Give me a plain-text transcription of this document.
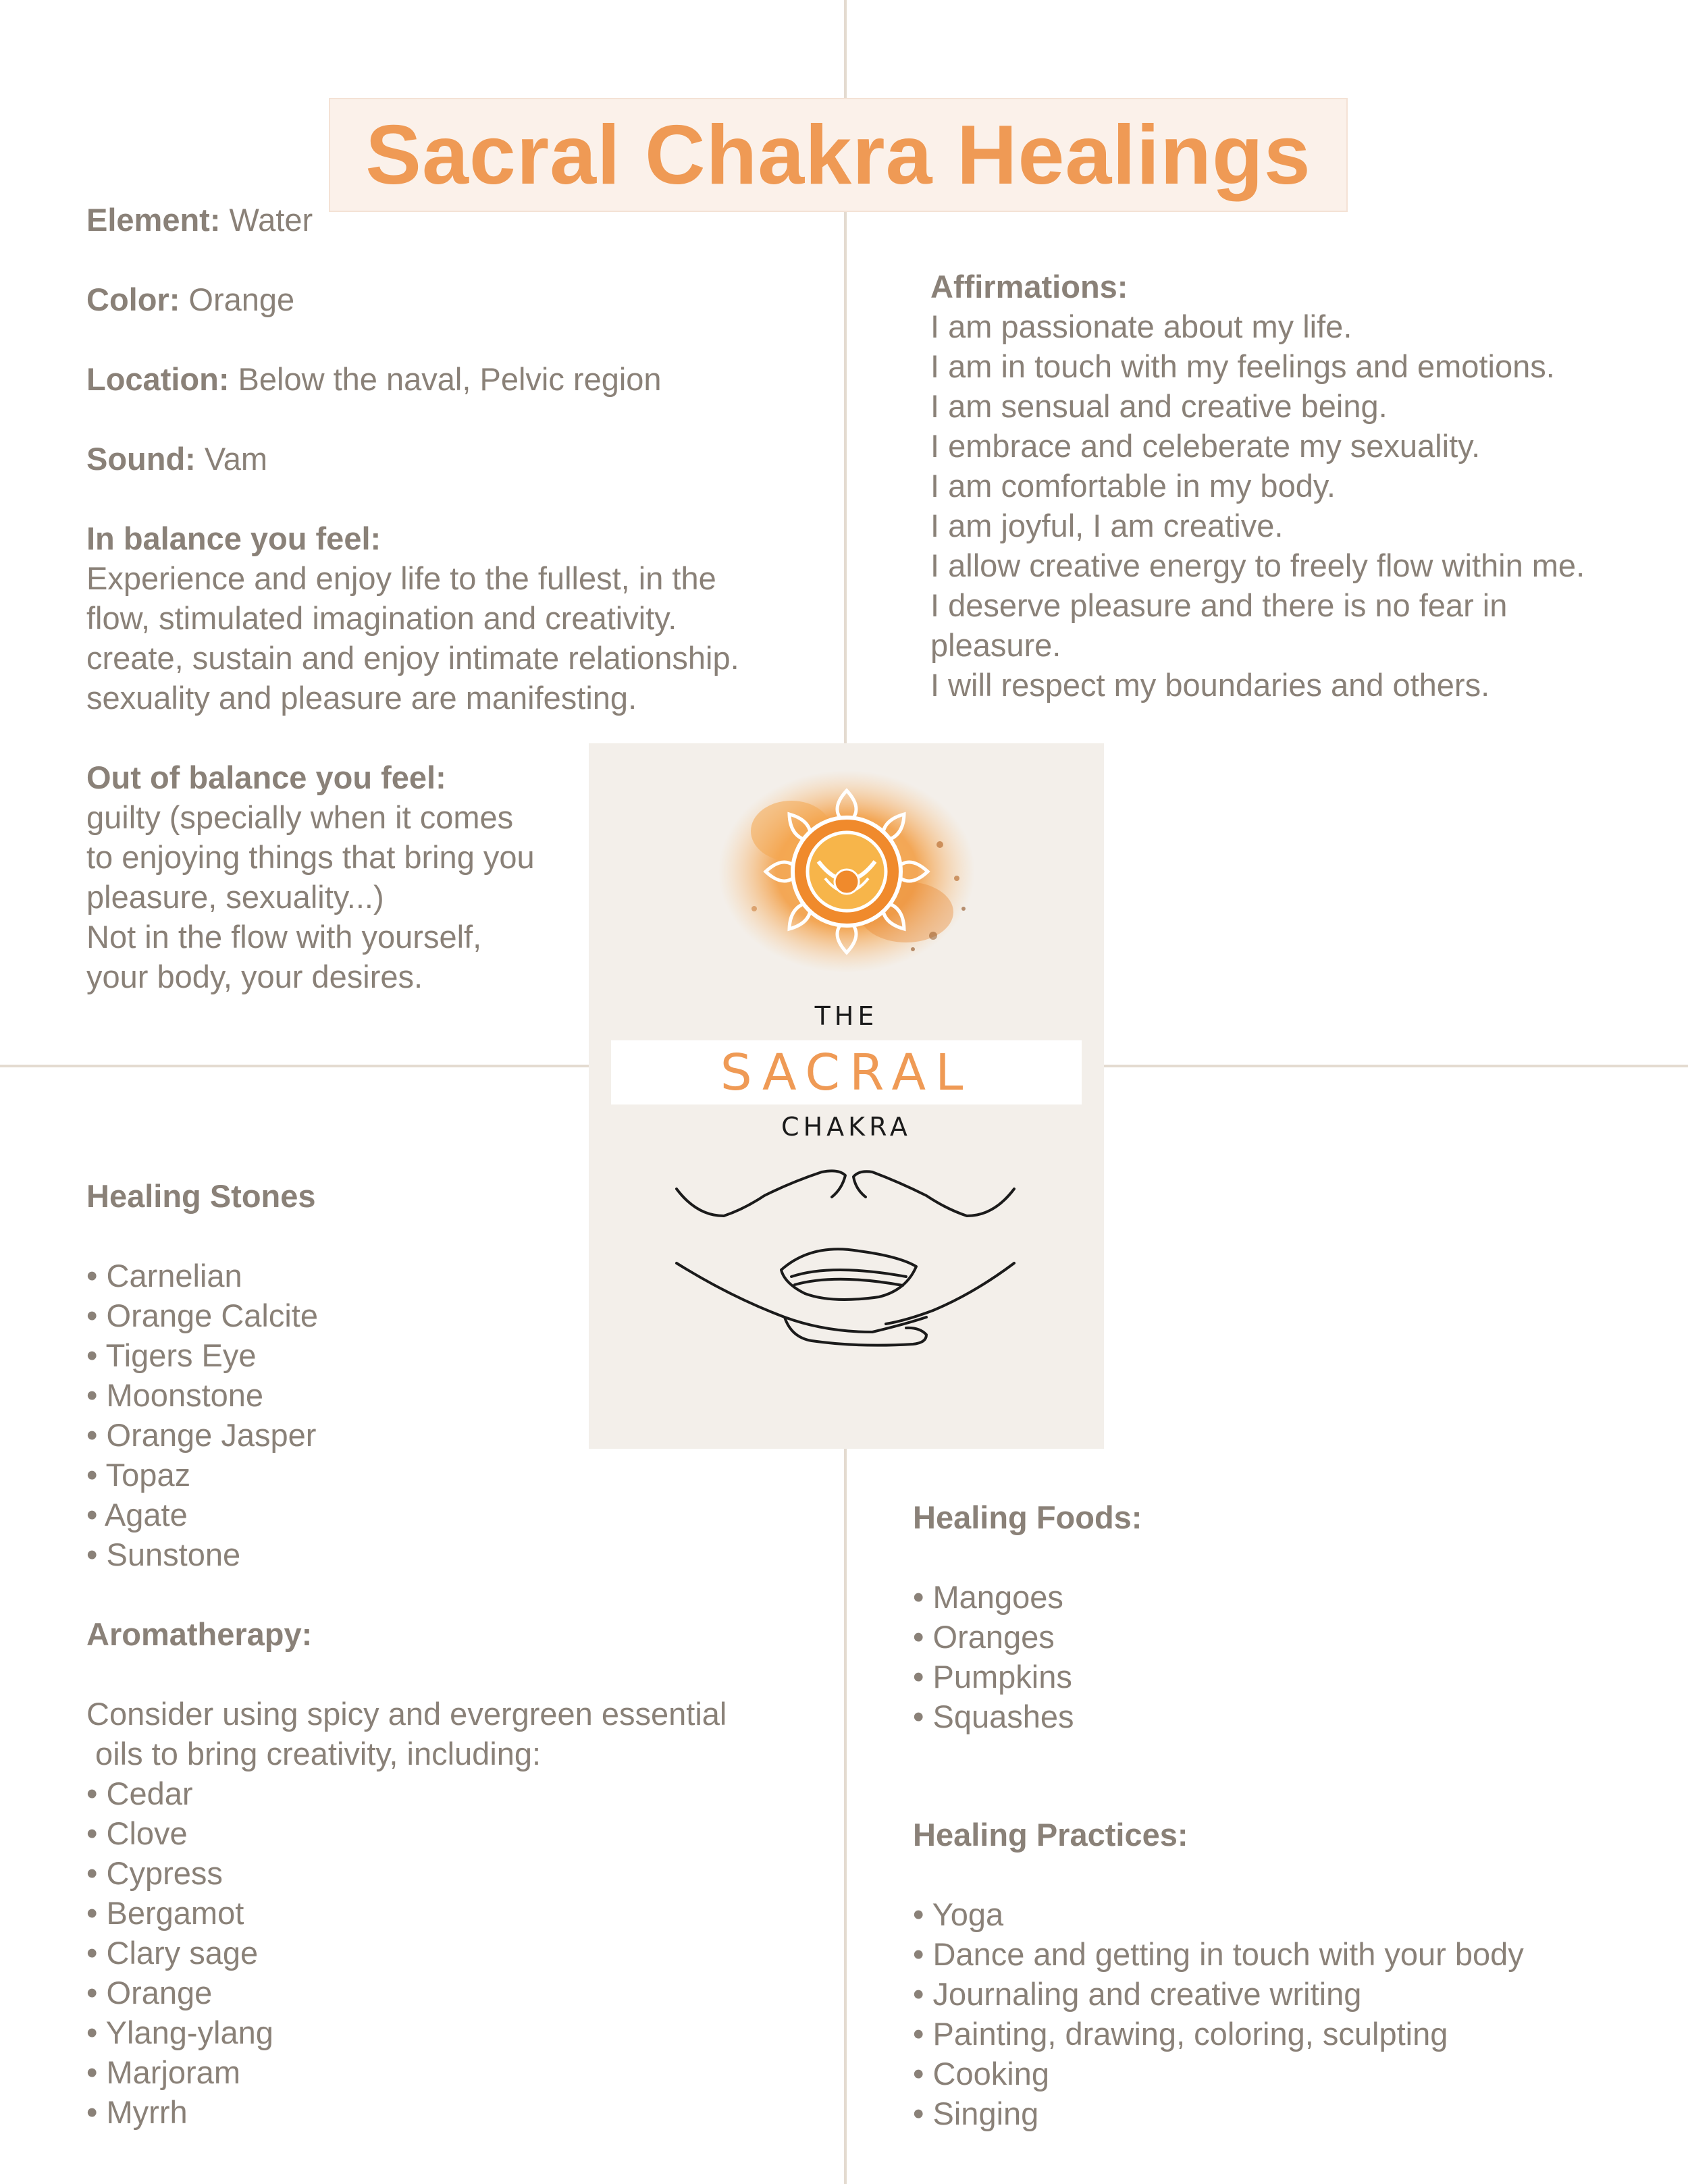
Sacral Chakra Healings

Element: Water

Color: Orange

Location: Below the naval, Pelvic region

Sound: Vam

In balance you feel:

Experience and enjoy life to the fullest, in the

flow, stimulated imagination and creativity.

create, sustain and enjoy intimate relationship.

sexuality and pleasure are manifesting.

Out of balance you feel:

guilty (specially when it comes

to enjoying things that bring you

pleasure, sexuality...)

Not in the flow with yourself,

your body, your desires.

Affirmations:

I am passionate about my life.

I am in touch with my feelings and emotions.

I am sensual and creative being.

I embrace and celeberate my sexuality.

I am comfortable in my body.

I am joyful, I am creative.

I allow creative energy to freely flow within me.

I deserve pleasure and there is no fear in

pleasure.

I will respect my boundaries and others.

Healing Stones

• Carnelian

• Orange Calcite

• Tigers Eye

• Moonstone

• Orange Jasper

• Topaz

• Agate

• Sunstone

Aromatherapy:

Consider using spicy and evergreen essential

oils to bring creativity, including:

• Cedar

• Clove

• Cypress

• Bergamot

• Clary sage

• Orange

• Ylang-ylang

• Marjoram

• Myrrh

Healing Foods:

• Mangoes

• Oranges

• Pumpkins

• Squashes

Healing Practices:

• Yoga

• Dance and getting in touch with your body

• Journaling and creative writing

• Painting, drawing, coloring, sculpting

• Cooking

• Singing

THE
SACRAL
CHAKRA
